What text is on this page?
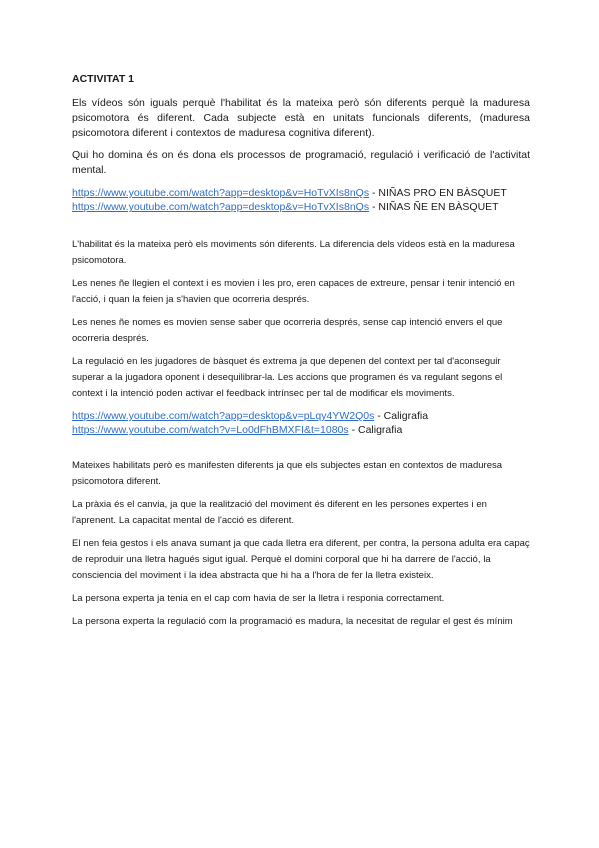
ACTIVITAT 1

Els vídeos són iguals perquè l'habilitat és la mateixa però són diferents perquè la maduresa psicomotora és diferent. Cada subjecte està en unitats funcionals diferents, (maduresa psicomotora diferent i contextos de maduresa cognitiva diferent).

Qui ho domina és on és dona els processos de programació, regulació i verificació de l'activitat mental.

https://www.youtube.com/watch?app=desktop&v=HoTvXIs8nQs - NIÑAS PRO EN BÀSQUET
https://www.youtube.com/watch?app=desktop&v=HoTvXIs8nQs - NIÑAS ÑE EN BÀSQUET

L'habilitat és la mateixa però els moviments són diferents. La diferencia dels vídeos està en la maduresa psicomotora.

Les nenes ñe llegien el context i es movien i les pro, eren capaces de extreure, pensar i tenir intenció en l'acció, i quan la feien ja s'havien que ocorreria després.

Les nenes ñe nomes es movien sense saber que ocorreria després, sense cap intenció envers el que ocorreria després.

La regulació en les jugadores de bàsquet és extrema ja que depenen del context per tal d'aconseguir superar a la jugadora oponent i desequilibrar-la. Les accions que programen és va regulant segons el context i la intenció poden activar el feedback intrínsec per tal de modificar els moviments.

https://www.youtube.com/watch?app=desktop&v=pLqy4YW2Q0s - Caligrafia
https://www.youtube.com/watch?v=Lo0dFhBMXFI&t=1080s - Caligrafia

Mateixes habilitats però es manifesten diferents ja que els subjectes estan en contextos de maduresa psicomotora diferent.

La pràxia és el canvia, ja que la realització del moviment és diferent en les persones expertes i en l'aprenent. La capacitat mental de l'acció es diferent.

El nen feia gestos i els anava sumant ja que cada lletra era diferent, per contra, la persona adulta era capaç de reproduir una lletra hagués sigut igual. Perquè el domini corporal que hi ha darrere de l'acció, la consciencia del moviment i la idea abstracta que hi ha a l'hora de fer la lletra existeix.

La persona experta ja tenia en el cap com havia de ser la lletra i responia correctament.

La persona experta la regulació com la programació es madura, la necesitat de regular el gest és mínim
